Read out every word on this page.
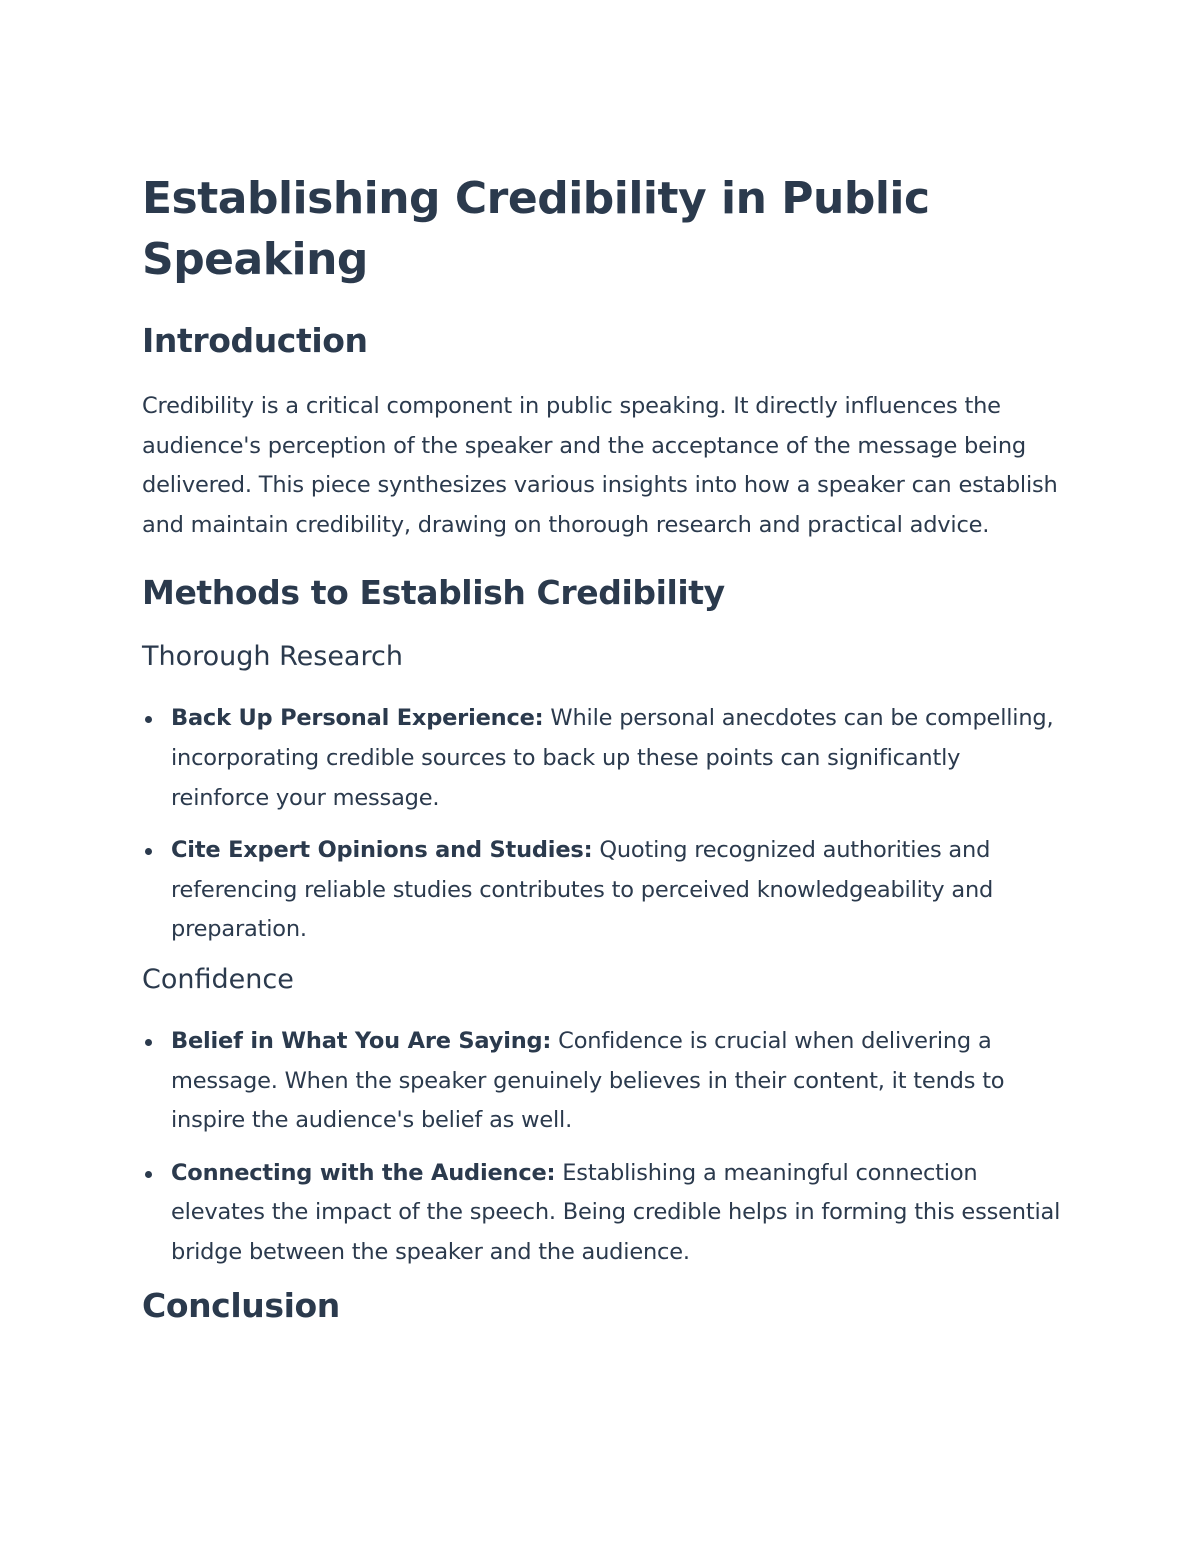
Establishing Credibility in Public Speaking
Introduction

Credibility is a critical component in public speaking. It directly influences the audience's perception of the speaker and the acceptance of the message being delivered. This piece synthesizes various insights into how a speaker can establish and maintain credibility, drawing on thorough research and practical advice.

Methods to Establish Credibility
Thorough Research
Back Up Personal Experience: While personal anecdotes can be compelling, incorporating credible sources to back up these points can significantly reinforce your message.
Cite Expert Opinions and Studies: Quoting recognized authorities and referencing reliable studies contributes to perceived knowledgeability and preparation.
Confidence
Belief in What You Are Saying: Confidence is crucial when delivering a message. When the speaker genuinely believes in their content, it tends to inspire the audience's belief as well.
Connecting with the Audience: Establishing a meaningful connection elevates the impact of the speech. Being credible helps in forming this essential bridge between the speaker and the audience.
Conclusion
